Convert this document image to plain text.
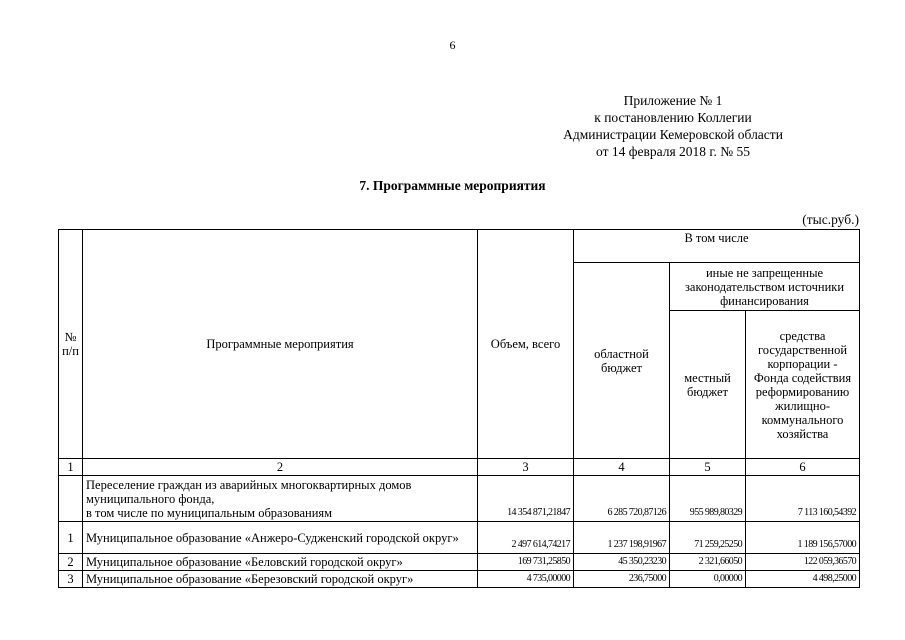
6
Приложение № 1
к постановлению Коллегии
Администрации Кемеровской области
от 14 февраля 2018 г. № 55
7. Программные мероприятия
(тыс.руб.)
№ п/п	Программные мероприятия	Объем, всего	В том числе		
			областной бюджет	иные не запрещенные законодательством источники финансирования	
				местный бюджет	средства государственной корпорации - Фонда содействия реформированию жилищно-коммунального хозяйства

1	2	3	4	5	6
	Переселение граждан из аварийных многоквартирных домов муниципального фонда,
в том числе по муниципальным образованиям	14 354 871,21847	6 285 720,87126	955 989,80329	7 113 160,54392
1	Муниципальное образование «Анжеро-Судженский городской округ»	2 497 614,74217	1 237 198,91967	71 259,25250	1 189 156,57000
2	Муниципальное образование «Беловский городской округ»	169 731,25850	45 350,23230	2 321,66050	122 059,36570
3	Муниципальное образование «Березовский городской округ»	4 735,00000	236,75000	0,00000	4 498,25000
